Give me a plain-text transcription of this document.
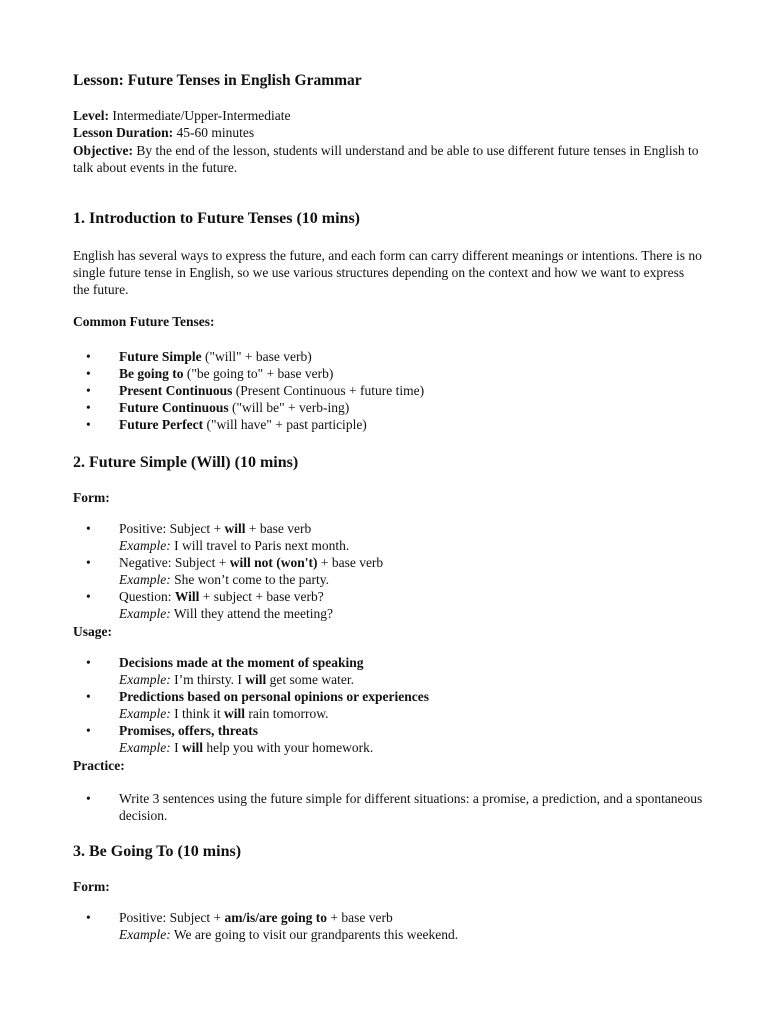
Lesson: Future Tenses in English Grammar
Level: Intermediate/Upper-Intermediate
Lesson Duration: 45-60 minutes
Objective: By the end of the lesson, students will understand and be able to use different future tenses in English to talk about events in the future.
1. Introduction to Future Tenses (10 mins)
English has several ways to express the future, and each form can carry different meanings or intentions. There is no single future tense in English, so we use various structures depending on the context and how we want to express the future.
Common Future Tenses:
• Future Simple ("will" + base verb)
• Be going to ("be going to" + base verb)
• Present Continuous (Present Continuous + future time)
• Future Continuous ("will be" + verb-ing)
• Future Perfect ("will have" + past participle)
2. Future Simple (Will) (10 mins)
Form:
• Positive: Subject + will + base verb
Example: I will travel to Paris next month.
• Negative: Subject + will not (won't) + base verb
Example: She won’t come to the party.
• Question: Will + subject + base verb?
Example: Will they attend the meeting?
Usage:
• Decisions made at the moment of speaking
Example: I’m thirsty. I will get some water.
• Predictions based on personal opinions or experiences
Example: I think it will rain tomorrow.
• Promises, offers, threats
Example: I will help you with your homework.
Practice:
• Write 3 sentences using the future simple for different situations: a promise, a prediction, and a spontaneous decision.
3. Be Going To (10 mins)
Form:
• Positive: Subject + am/is/are going to + base verb
Example: We are going to visit our grandparents this weekend.
